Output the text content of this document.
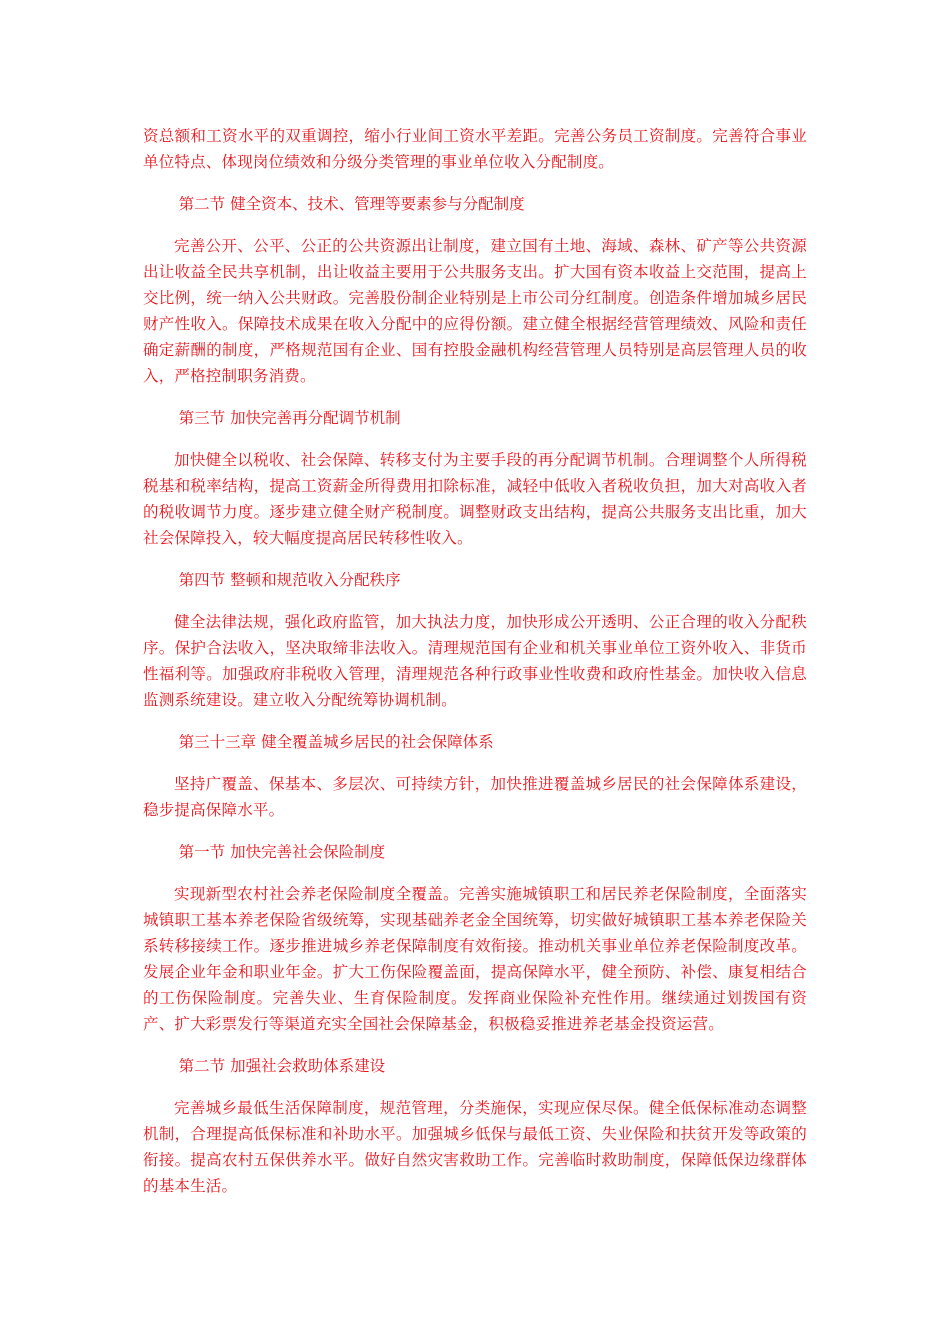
资总额和工资水平的双重调控，缩小行业间工资水平差距。完善公务员工资制度。完善符合事业单位特点、体现岗位绩效和分级分类管理的事业单位收入分配制度。

第二节 健全资本、技术、管理等要素参与分配制度

完善公开、公平、公正的公共资源出让制度，建立国有土地、海域、森林、矿产等公共资源出让收益全民共享机制，出让收益主要用于公共服务支出。扩大国有资本收益上交范围，提高上交比例，统一纳入公共财政。完善股份制企业特别是上市公司分红制度。创造条件增加城乡居民财产性收入。保障技术成果在收入分配中的应得份额。建立健全根据经营管理绩效、风险和责任确定薪酬的制度，严格规范国有企业、国有控股金融机构经营管理人员特别是高层管理人员的收入，严格控制职务消费。

第三节 加快完善再分配调节机制

加快健全以税收、社会保障、转移支付为主要手段的再分配调节机制。合理调整个人所得税税基和税率结构，提高工资薪金所得费用扣除标准，减轻中低收入者税收负担，加大对高收入者的税收调节力度。逐步建立健全财产税制度。调整财政支出结构，提高公共服务支出比重，加大社会保障投入，较大幅度提高居民转移性收入。

第四节 整顿和规范收入分配秩序

健全法律法规，强化政府监管，加大执法力度，加快形成公开透明、公正合理的收入分配秩序。保护合法收入，坚决取缔非法收入。清理规范国有企业和机关事业单位工资外收入、非货币性福利等。加强政府非税收入管理，清理规范各种行政事业性收费和政府性基金。加快收入信息监测系统建设。建立收入分配统筹协调机制。

第三十三章 健全覆盖城乡居民的社会保障体系

坚持广覆盖、保基本、多层次、可持续方针，加快推进覆盖城乡居民的社会保障体系建设，稳步提高保障水平。

第一节 加快完善社会保险制度

实现新型农村社会养老保险制度全覆盖。完善实施城镇职工和居民养老保险制度，全面落实城镇职工基本养老保险省级统筹，实现基础养老金全国统筹，切实做好城镇职工基本养老保险关系转移接续工作。逐步推进城乡养老保障制度有效衔接。推动机关事业单位养老保险制度改革。发展企业年金和职业年金。扩大工伤保险覆盖面，提高保障水平，健全预防、补偿、康复相结合的工伤保险制度。完善失业、生育保险制度。发挥商业保险补充性作用。继续通过划拨国有资产、扩大彩票发行等渠道充实全国社会保障基金，积极稳妥推进养老基金投资运营。

第二节 加强社会救助体系建设

完善城乡最低生活保障制度，规范管理，分类施保，实现应保尽保。健全低保标准动态调整机制，合理提高低保标准和补助水平。加强城乡低保与最低工资、失业保险和扶贫开发等政策的衔接。提高农村五保供养水平。做好自然灾害救助工作。完善临时救助制度，保障低保边缘群体的基本生活。
